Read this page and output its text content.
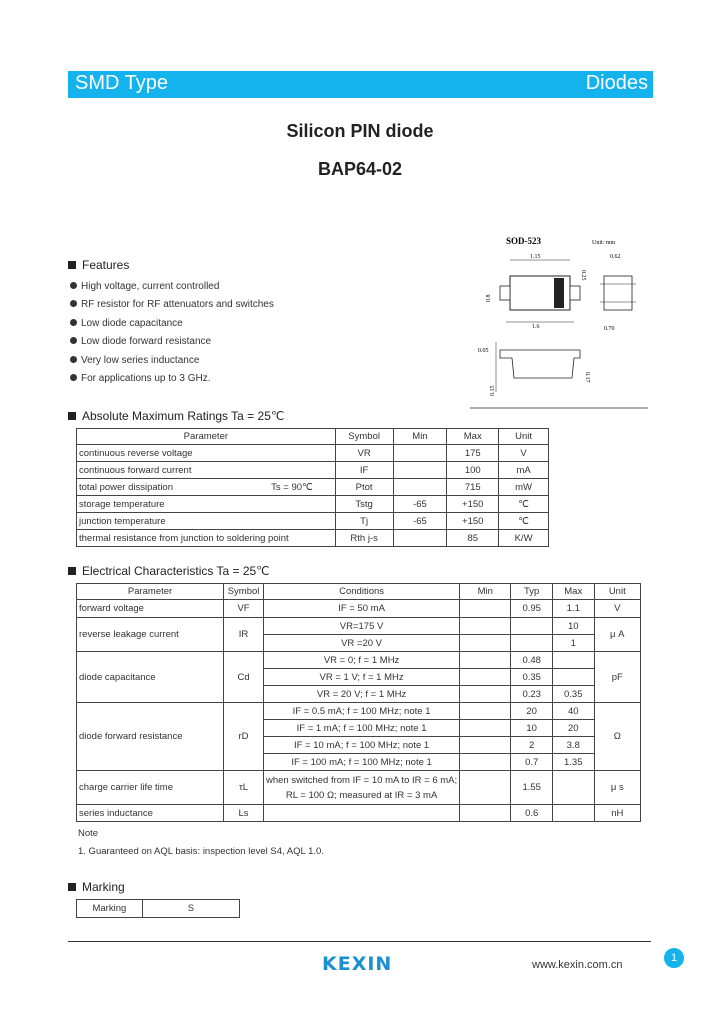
SMD Type	Diodes
Silicon PIN diode
BAP64-02
SOD-523	Unit: mm
1.15
0.25
0.62
0.8
1.6	0.70
0.15
0.17
0.05
Features
High voltage, current controlled
RF resistor for RF attenuators and switches
Low diode capacitance
Low diode forward resistance
Very low series inductance
For applications up to 3 GHz.
Absolute Maximum Ratings Ta = 25℃
Parameter	Symbol	Min	Max	Unit
continuous reverse voltage	VR		175	V
continuous forward current	IF		100	mA
total power dissipation Ts = 90℃	Ptot		715	mW
storage temperature	Tstg	-65	+150	℃
junction temperature	Tj	-65	+150	℃
thermal resistance from junction to soldering point	Rth j-s		85	K/W
Electrical Characteristics Ta = 25℃
Parameter	Symbol	Conditions	Min	Typ	Max	Unit
forward voltage	VF	IF = 50 mA		0.95	1.1	V
reverse leakage current	IR	VR=175 V			10	μ A
		VR =20 V			1	
diode capacitance	Cd	VR = 0; f = 1 MHz		0.48		pF
		VR = 1 V; f = 1 MHz		0.35		
		VR = 20 V; f = 1 MHz		0.23	0.35	
diode forward resistance	rD	IF = 0.5 mA; f = 100 MHz; note 1		20	40	Ω
		IF = 1 mA; f = 100 MHz; note 1		10	20	
		IF = 10 mA; f = 100 MHz; note 1		2	3.8	
		IF = 100 mA; f = 100 MHz; note 1		0.7	1.35	
charge carrier life time	τL	when switched from IF = 10 mA to IR = 6 mA;
RL = 100 Ω; measured at IR = 3 mA		1.55		μ s
series inductance	Ls			0.6		nH
Note
1. Guaranteed on AQL basis: inspection level S4, AQL 1.0.
Marking
Marking	S
KEXIN	www.kexin.com.cn
1
